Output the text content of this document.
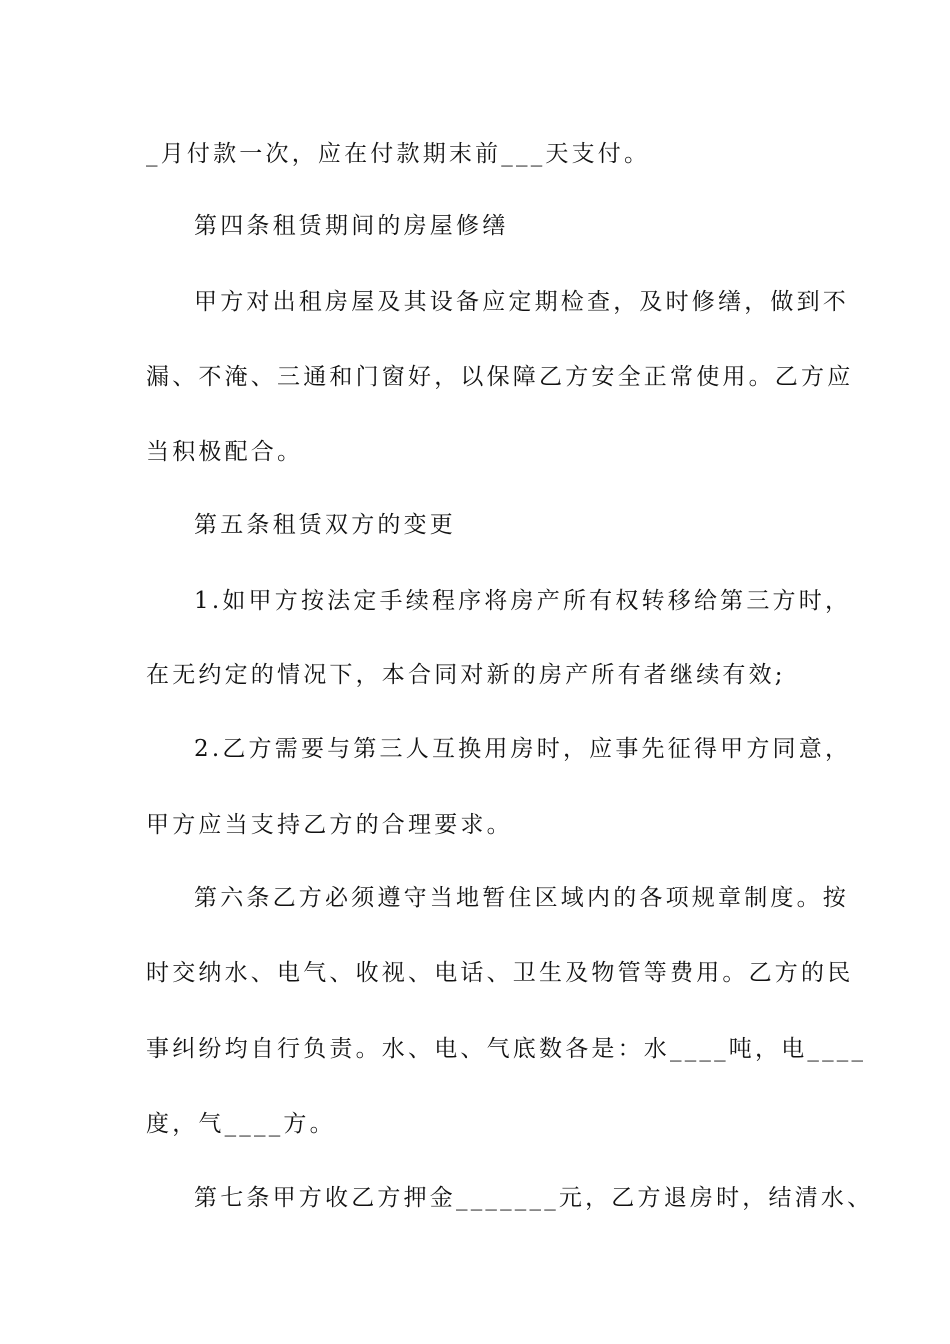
_月付款一次，应在付款期末前___天支付。
第四条租赁期间的房屋修缮
甲方对出租房屋及其设备应定期检查，及时修缮，做到不
漏、不淹、三通和门窗好，以保障乙方安全正常使用。乙方应
当积极配合。
第五条租赁双方的变更
1.如甲方按法定手续程序将房产所有权转移给第三方时，
在无约定的情况下，本合同对新的房产所有者继续有效;
2.乙方需要与第三人互换用房时，应事先征得甲方同意，
甲方应当支持乙方的合理要求。
第六条乙方必须遵守当地暂住区域内的各项规章制度。按
时交纳水、电气、收视、电话、卫生及物管等费用。乙方的民
事纠纷均自行负责。水、电、气底数各是：水____吨，电____
度，气____方。
第七条甲方收乙方押金_______元，乙方退房时，结清水、
